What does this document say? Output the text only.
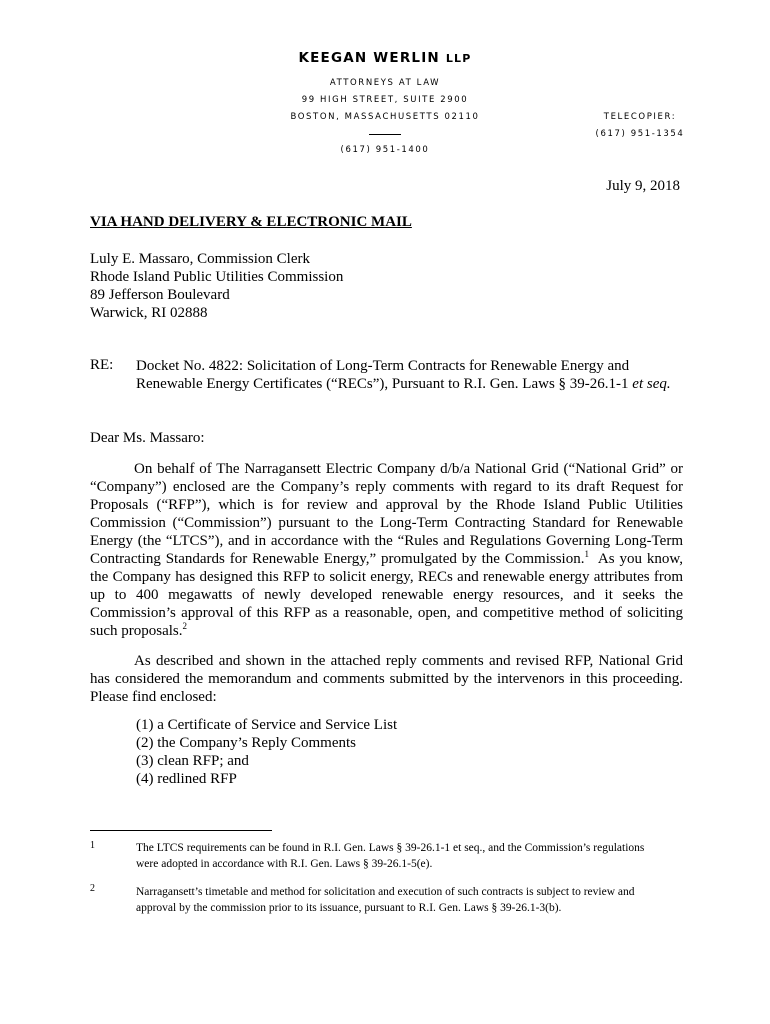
KEEGAN WERLIN LLP
ATTORNEYS AT LAW
99 HIGH STREET, SUITE 2900
BOSTON, MASSACHUSETTS 02110
(617) 951-1400
TELECOPIER:
(617) 951-1354
July 9, 2018
VIA HAND DELIVERY & ELECTRONIC MAIL
Luly E. Massaro, Commission Clerk
Rhode Island Public Utilities Commission
89 Jefferson Boulevard
Warwick, RI 02888
RE: Docket No. 4822: Solicitation of Long-Term Contracts for Renewable Energy and
Renewable Energy Certificates (“RECs”), Pursuant to R.I. Gen. Laws § 39-26.1-1 et seq.
Dear Ms. Massaro:
On behalf of The Narragansett Electric Company d/b/a National Grid (“National Grid” or “Company”) enclosed are the Company’s reply comments with regard to its draft Request for Proposals (“RFP”), which is for review and approval by the Rhode Island Public Utilities Commission (“Commission”) pursuant to the Long-Term Contracting Standard for Renewable Energy (the “LTCS”), and in accordance with the “Rules and Regulations Governing Long-Term Contracting Standards for Renewable Energy,” promulgated by the Commission.$^1$ As you know, the Company has designed this RFP to solicit energy, RECs and renewable energy attributes from up to 400 megawatts of newly developed renewable energy resources, and it seeks the Commission’s approval of this RFP as a reasonable, open, and competitive method of soliciting such proposals.$^2$
As described and shown in the attached reply comments and revised RFP, National Grid has considered the memorandum and comments submitted by the intervenors in this proceeding. Please find enclosed:
(1) a Certificate of Service and Service List
(2) the Company’s Reply Comments
(3) clean RFP; and
(4) redlined RFP
1	The LTCS requirements can be found in R.I. Gen. Laws § 39-26.1-1 et seq., and the Commission’s regulations were adopted in accordance with R.I. Gen. Laws § 39-26.1-5(e).
2	Narragansett’s timetable and method for solicitation and execution of such contracts is subject to review and approval by the commission prior to its issuance, pursuant to R.I. Gen. Laws § 39-26.1-3(b).
